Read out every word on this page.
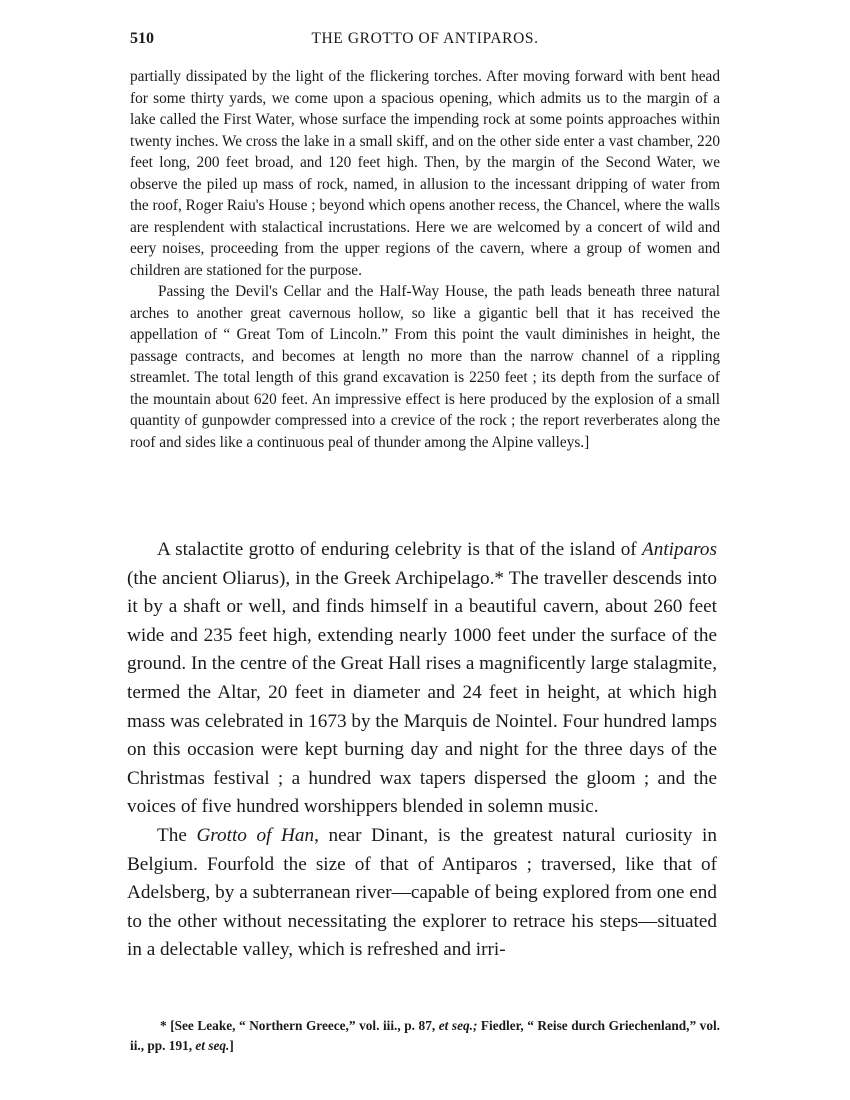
510	THE GROTTO OF ANTIPAROS.

partially dissipated by the light of the flickering torches. After moving forward with bent head for some thirty yards, we come upon a spacious opening, which admits us to the margin of a lake called the First Water, whose surface the impending rock at some points approaches within twenty inches. We cross the lake in a small skiff, and on the other side enter a vast chamber, 220 feet long, 200 feet broad, and 120 feet high. Then, by the margin of the Second Water, we observe the piled up mass of rock, named, in allusion to the incessant dripping of water from the roof, Roger Raiu's House ; beyond which opens another recess, the Chancel, where the walls are resplendent with stalactical incrustations. Here we are welcomed by a concert of wild and eery noises, proceeding from the upper regions of the cavern, where a group of women and children are stationed for the purpose.

Passing the Devil's Cellar and the Half-Way House, the path leads beneath three natural arches to another great cavernous hollow, so like a gigantic bell that it has received the appellation of “ Great Tom of Lincoln.” From this point the vault diminishes in height, the passage contracts, and becomes at length no more than the narrow channel of a rippling streamlet. The total length of this grand excavation is 2250 feet ; its depth from the surface of the mountain about 620 feet. An impressive effect is here produced by the explosion of a small quantity of gunpowder compressed into a crevice of the rock ; the report reverberates along the roof and sides like a continuous peal of thunder among the Alpine valleys.]

A stalactite grotto of enduring celebrity is that of the island of Antiparos (the ancient Oliarus), in the Greek Archipelago.* The traveller descends into it by a shaft or well, and finds himself in a beautiful cavern, about 260 feet wide and 235 feet high, extending nearly 1000 feet under the surface of the ground. In the centre of the Great Hall rises a magnificently large stalagmite, termed the Altar, 20 feet in diameter and 24 feet in height, at which high mass was celebrated in 1673 by the Marquis de Nointel. Four hundred lamps on this occasion were kept burning day and night for the three days of the Christmas festival ; a hundred wax tapers dispersed the gloom ; and the voices of five hundred worshippers blended in solemn music.

The Grotto of Han, near Dinant, is the greatest natural curiosity in Belgium. Fourfold the size of that of Antiparos ; traversed, like that of Adelsberg, by a subterranean river—capable of being explored from one end to the other without necessitating the explorer to retrace his steps—situated in a delectable valley, which is refreshed and irri-

* [See Leake, “ Northern Greece,” vol. iii., p. 87, et seq.; Fiedler, “ Reise durch Griechenland,” vol. ii., pp. 191, et seq.]
